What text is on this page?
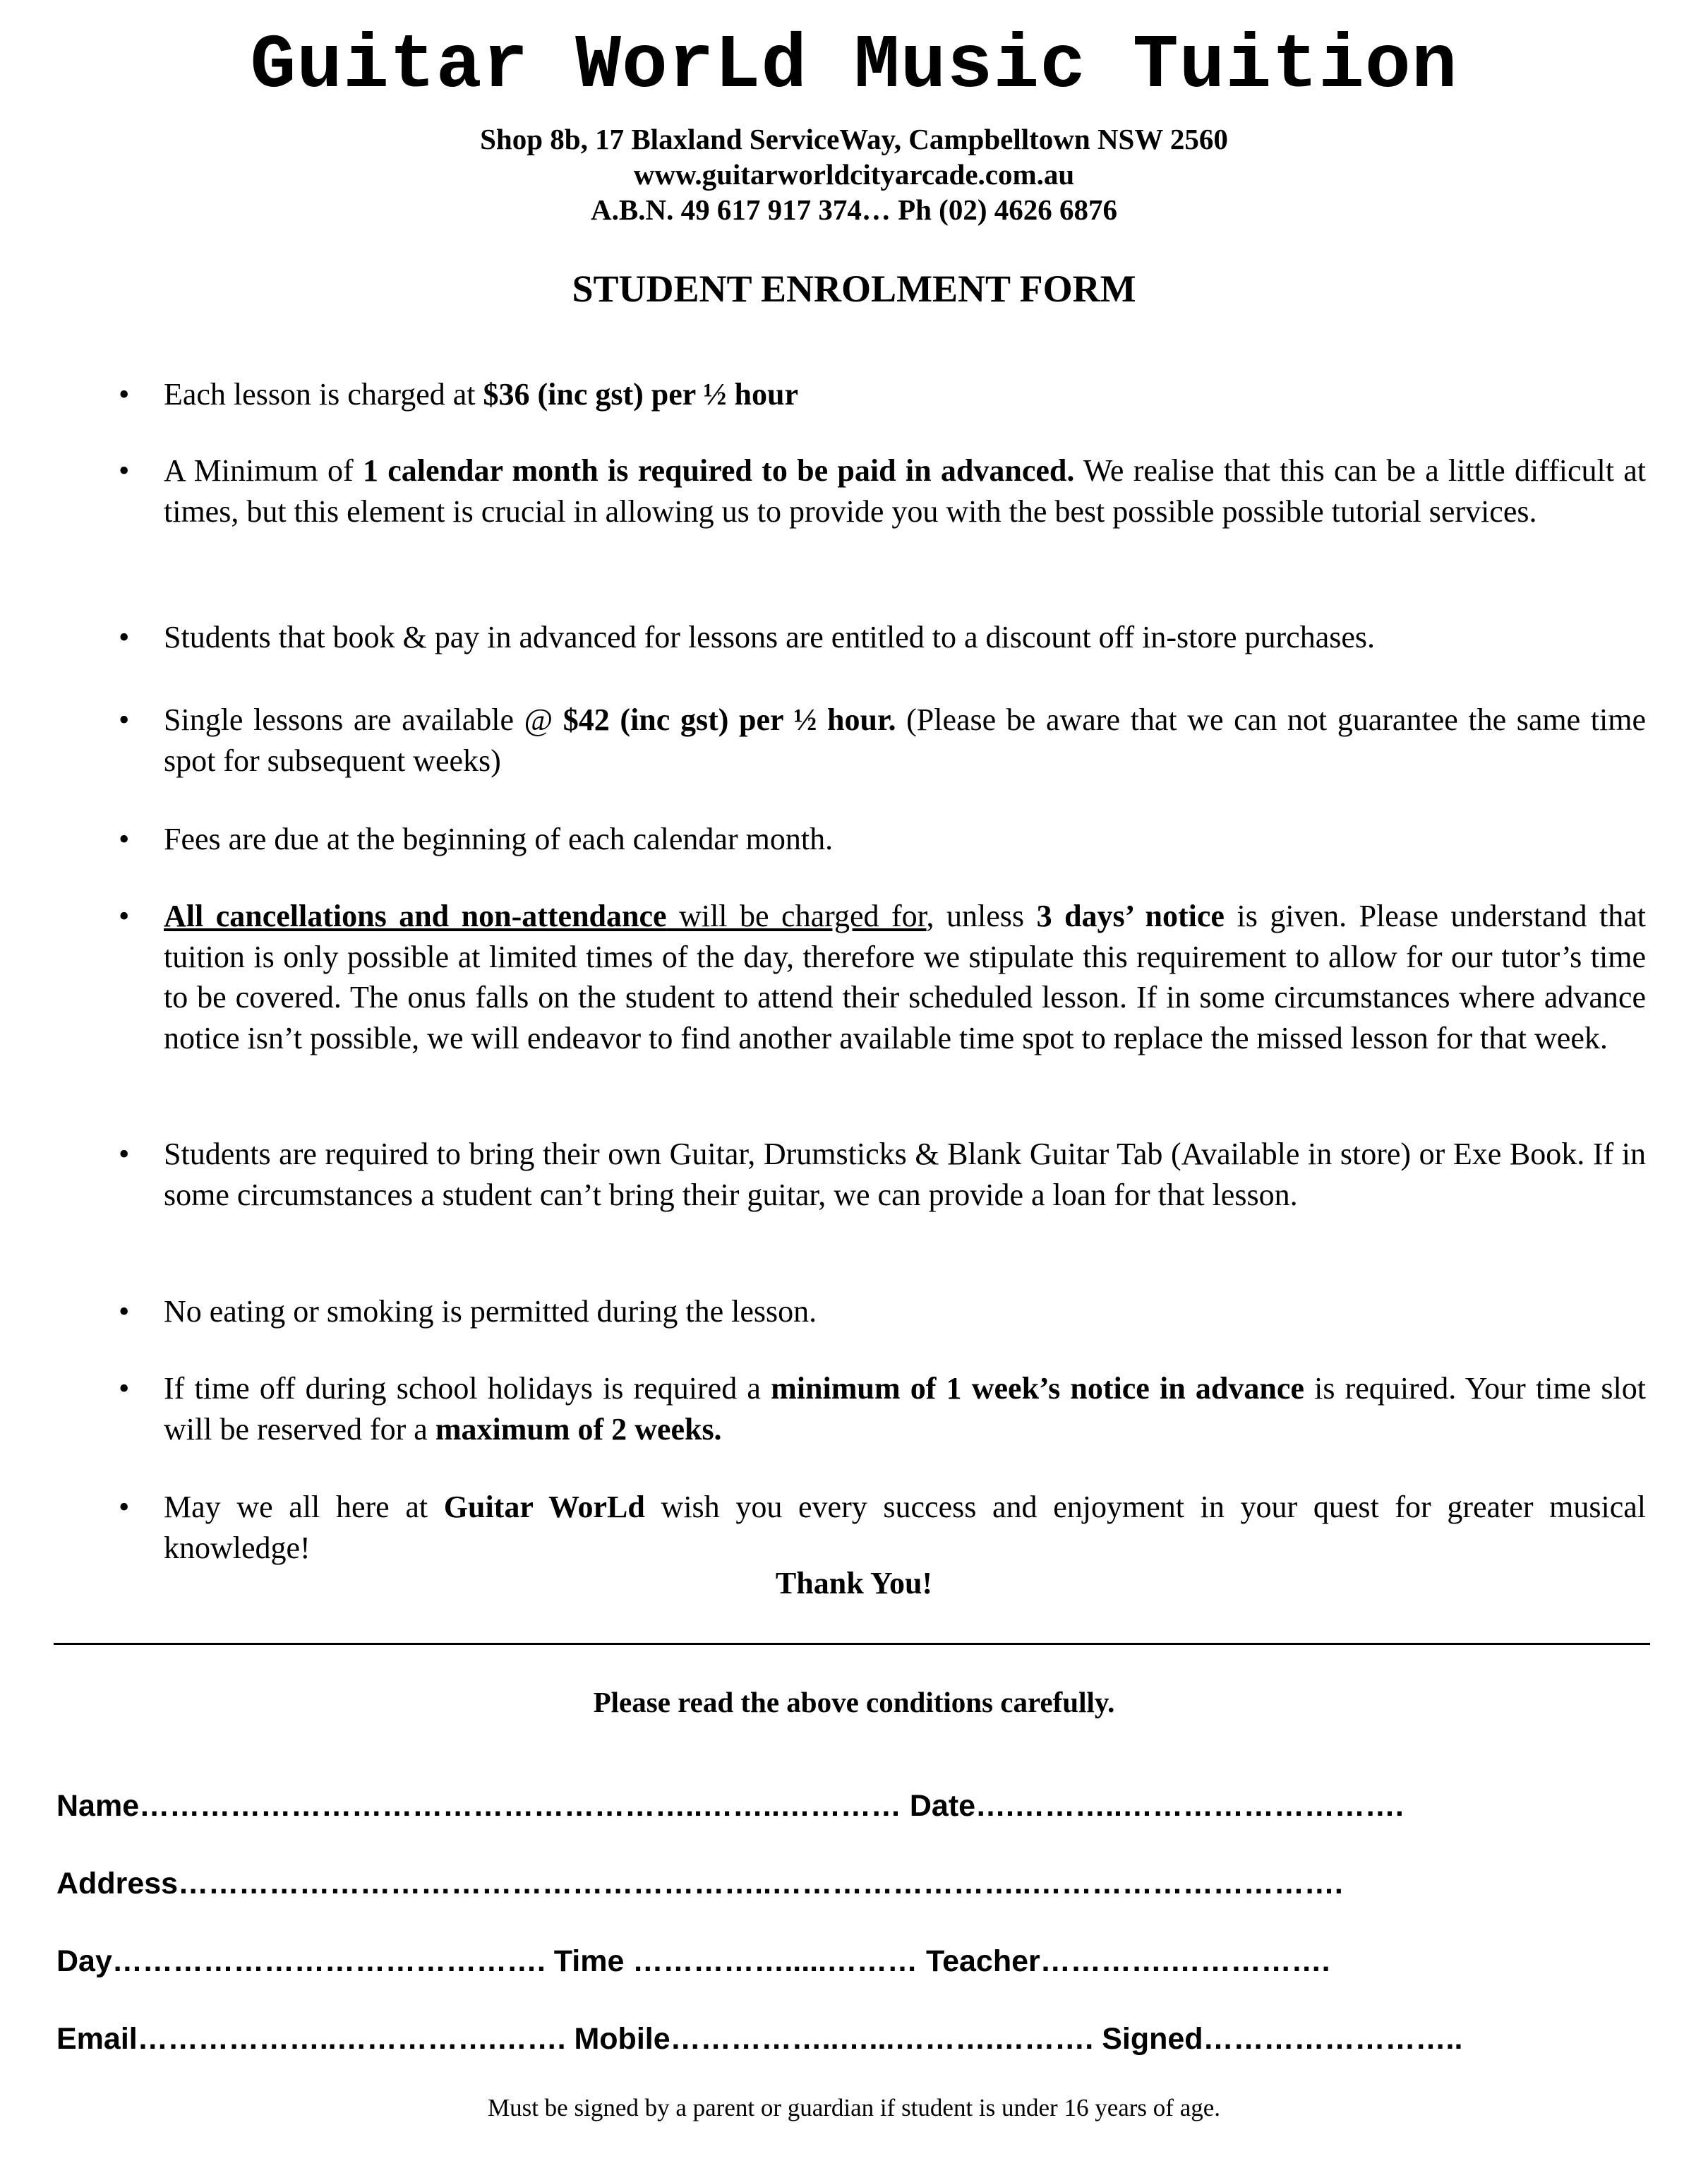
Guitar WorLd Music Tuition
Shop 8b, 17 Blaxland ServiceWay, Campbelltown NSW 2560
www.guitarworldcityarcade.com.au
A.B.N. 49 617 917 374… Ph (02) 4626 6876
STUDENT ENROLMENT FORM
• Each lesson is charged at $36 (inc gst) per ½ hour
• A Minimum of 1 calendar month is required to be paid in advanced. We realise that this can be a little difficult at times, but this element is crucial in allowing us to provide you with the best possible possible tutorial services.
• Students that book & pay in advanced for lessons are entitled to a discount off in-store purchases.
• Single lessons are available @ $42 (inc gst) per ½ hour. (Please be aware that we can not guarantee the same time spot for subsequent weeks)
• Fees are due at the beginning of each calendar month.
• All cancellations and non-attendance will be charged for, unless 3 days’ notice is given. Please understand that tuition is only possible at limited times of the day, therefore we stipulate this requirement to allow for our tutor’s time to be covered. The onus falls on the student to attend their scheduled lesson. If in some circumstances where advance notice isn’t possible, we will endeavor to find another available time spot to replace the missed lesson for that week.
• Students are required to bring their own Guitar, Drumsticks & Blank Guitar Tab (Available in store) or Exe Book. If in some circumstances a student can’t bring their guitar, we can provide a loan for that lesson.
• No eating or smoking is permitted during the lesson.
• If time off during school holidays is required a minimum of 1 week’s notice in advance is required. Your time slot will be reserved for a maximum of 2 weeks.
• May we all here at Guitar WorLd wish you every success and enjoyment in your quest for greater musical knowledge!
Thank You!
Please read the above conditions carefully.
Name………………………………………………..……..………… Date….………..……………………….
Address…………………………………………………..……………………..………………………….
Day……………………………………. Time …………….....……… Teacher………….…………….
Email………………..…………….……. Mobile……………..…...……….………. Signed……………………..
Must be signed by a parent or guardian if student is under 16 years of age.
